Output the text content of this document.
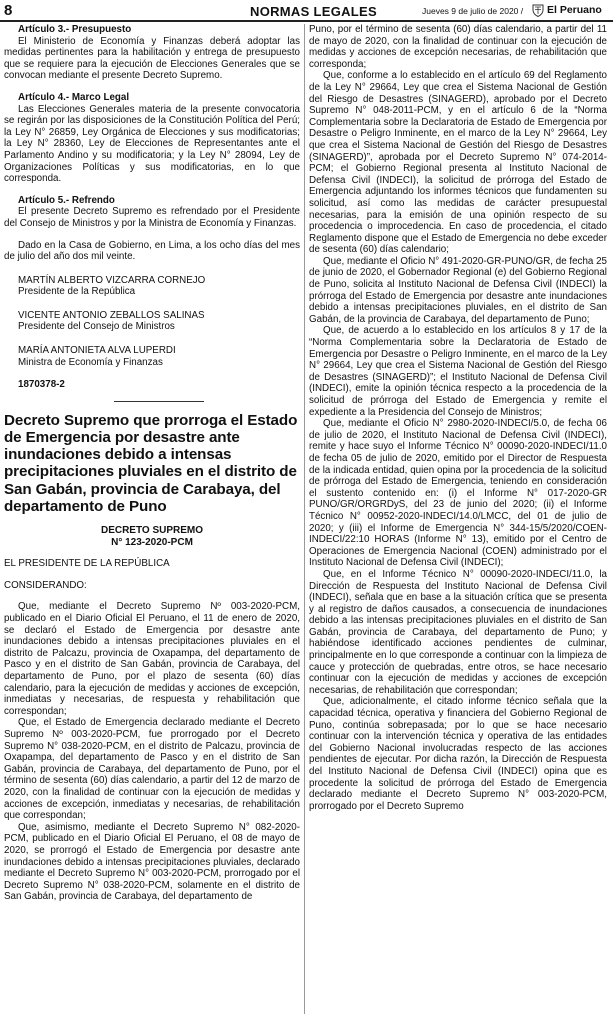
8	NORMAS LEGALES	Jueves 9 de julio de 2020 / El Peruano

Artículo 3.- Presupuesto

El Ministerio de Economía y Finanzas deberá adoptar las medidas pertinentes para la habilitación y entrega de presupuesto que se requiere para la ejecución de Elecciones Generales que se convocan mediante el presente Decreto Supremo.

Artículo 4.- Marco Legal

Las Elecciones Generales materia de la presente convocatoria se regirán por las disposiciones de la Constitución Política del Perú; la Ley N° 26859, Ley Orgánica de Elecciones y sus modificatorias; la Ley N° 28360, Ley de Elecciones de Representantes ante el Parlamento Andino y su modificatoria; y la Ley N° 28094, Ley de Organizaciones Políticas y sus modificatorias, en lo que corresponda.

Artículo 5.- Refrendo

El presente Decreto Supremo es refrendado por el Presidente del Consejo de Ministros y por la Ministra de Economía y Finanzas.

Dado en la Casa de Gobierno, en Lima, a los ocho días del mes de julio del año dos mil veinte.

MARTÍN ALBERTO VIZCARRA CORNEJO

Presidente de la República

VICENTE ANTONIO ZEBALLOS SALINAS

Presidente del Consejo de Ministros

MARÍA ANTONIETA ALVA LUPERDI

Ministra de Economía y Finanzas

1870378-2

Decreto Supremo que prorroga el Estado de Emergencia por desastre ante inundaciones debido a intensas precipitaciones pluviales en el distrito de San Gabán, provincia de Carabaya, del departamento de Puno
DECRETO SUPREMO
N° 123-2020-PCM

EL PRESIDENTE DE LA REPÚBLICA

CONSIDERANDO:

Que, mediante el Decreto Supremo Nº 003-2020-PCM, publicado en el Diario Oficial El Peruano, el 11 de enero de 2020, se declaró el Estado de Emergencia por desastre ante inundaciones debido a intensas precipitaciones pluviales en el distrito de Palcazu, provincia de Oxapampa, del departamento de Pasco y en el distrito de San Gabán, provincia de Carabaya, del departamento de Puno, por el plazo de sesenta (60) días calendario, para la ejecución de medidas y acciones de excepción, inmediatas y necesarias, de respuesta y rehabilitación que correspondan;

Que, el Estado de Emergencia declarado mediante el Decreto Supremo Nº 003-2020-PCM, fue prorrogado por el Decreto Supremo N° 038-2020-PCM, en el distrito de Palcazu, provincia de Oxapampa, del departamento de Pasco y en el distrito de San Gabán, provincia de Carabaya, del departamento de Puno, por el término de sesenta (60) días calendario, a partir del 12 de marzo de 2020, con la finalidad de continuar con la ejecución de medidas y acciones de excepción, inmediatas y necesarias, de rehabilitación que correspondan;

Que, asimismo, mediante el Decreto Supremo N° 082-2020-PCM, publicado en el Diario Oficial El Peruano, el 08 de mayo de 2020, se prorrogó el Estado de Emergencia por desastre ante inundaciones debido a intensas precipitaciones pluviales, declarado mediante el Decreto Supremo N° 003-2020-PCM, prorrogado por el Decreto Supremo N° 038-2020-PCM, solamente en el distrito de San Gabán, provincia de Carabaya, del departamento de

Puno, por el término de sesenta (60) días calendario, a partir del 11 de mayo de 2020, con la finalidad de continuar con la ejecución de medidas y acciones de excepción necesarias, de rehabilitación que corresponda;

Que, conforme a lo establecido en el artículo 69 del Reglamento de la Ley N° 29664, Ley que crea el Sistema Nacional de Gestión del Riesgo de Desastres (SINAGERD), aprobado por el Decreto Supremo N° 048-2011-PCM, y en el artículo 6 de la “Norma Complementaria sobre la Declaratoria de Estado de Emergencia por Desastre o Peligro Inminente, en el marco de la Ley N° 29664, Ley que crea el Sistema Nacional de Gestión del Riesgo de Desastres (SINAGERD)”, aprobada por el Decreto Supremo N° 074-2014-PCM; el Gobierno Regional presenta al Instituto Nacional de Defensa Civil (INDECI), la solicitud de prórroga del Estado de Emergencia adjuntando los informes técnicos que fundamenten su solicitud, así como las medidas de carácter presupuestal necesarias, para la emisión de una opinión respecto de su procedencia o improcedencia. En caso de procedencia, el citado Reglamento dispone que el Estado de Emergencia no debe exceder de sesenta (60) días calendario;

Que, mediante el Oficio N° 491-2020-GR-PUNO/GR, de fecha 25 de junio de 2020, el Gobernador Regional (e) del Gobierno Regional de Puno, solicita al Instituto Nacional de Defensa Civil (INDECI) la prórroga del Estado de Emergencia por desastre ante inundaciones debido a intensas precipitaciones pluviales, en el distrito de San Gabán, de la provincia de Carabaya, del departamento de Puno;

Que, de acuerdo a lo establecido en los artículos 8 y 17 de la “Norma Complementaria sobre la Declaratoria de Estado de Emergencia por Desastre o Peligro Inminente, en el marco de la Ley N° 29664, Ley que crea el Sistema Nacional de Gestión del Riesgo de Desastres (SINAGERD)”; el Instituto Nacional de Defensa Civil (INDECI), emite la opinión técnica respecto a la procedencia de la solicitud de prórroga del Estado de Emergencia y remite el expediente a la Presidencia del Consejo de Ministros;

Que, mediante el Oficio N° 2980-2020-INDECI/5.0, de fecha 06 de julio de 2020, el Instituto Nacional de Defensa Civil (INDECI), remite y hace suyo el Informe Técnico N° 00090-2020-INDECI/11.0 de fecha 05 de julio de 2020, emitido por el Director de Respuesta de la indicada entidad, quien opina por la procedencia de la solicitud de prórroga del Estado de Emergencia, teniendo en consideración el sustento contenido en: (i) el Informe N° 017-2020-GR PUNO/GR/ORGRDyS, del 23 de junio del 2020; (ii) el Informe Técnico N° 00952-2020-INDECI/14.0/LMCC, del 01 de julio de 2020; y (iii) el Informe de Emergencia N° 344-15/5/2020/COEN-INDECI/22:10 HORAS (Informe N° 13), emitido por el Centro de Operaciones de Emergencia Nacional (COEN) administrado por el Instituto Nacional de Defensa Civil (INDECI);

Que, en el Informe Técnico N° 00090-2020-INDECI/11.0, la Dirección de Respuesta del Instituto Nacional de Defensa Civil (INDECI), señala que en base a la situación crítica que se presenta y al registro de daños causados, a consecuencia de inundaciones debido a las intensas precipitaciones pluviales en el distrito de San Gabán, provincia de Carabaya, del departamento de Puno; y habiéndose identificado acciones pendientes de culminar, principalmente en lo que corresponde a continuar con la limpieza de cauce y protección de quebradas, entre otros, se hace necesario continuar con la ejecución de medidas y acciones de excepción necesarias, de rehabilitación que correspondan;

Que, adicionalmente, el citado informe técnico señala que la capacidad técnica, operativa y financiera del Gobierno Regional de Puno, continúa sobrepasada; por lo que se hace necesario continuar con la intervención técnica y operativa de las entidades del Gobierno Nacional involucradas respecto de las acciones pendientes de ejecutar. Por dicha razón, la Dirección de Respuesta del Instituto Nacional de Defensa Civil (INDECI) opina que es procedente la solicitud de prórroga del Estado de Emergencia declarado mediante el Decreto Supremo N° 003-2020-PCM, prorrogado por el Decreto Supremo
